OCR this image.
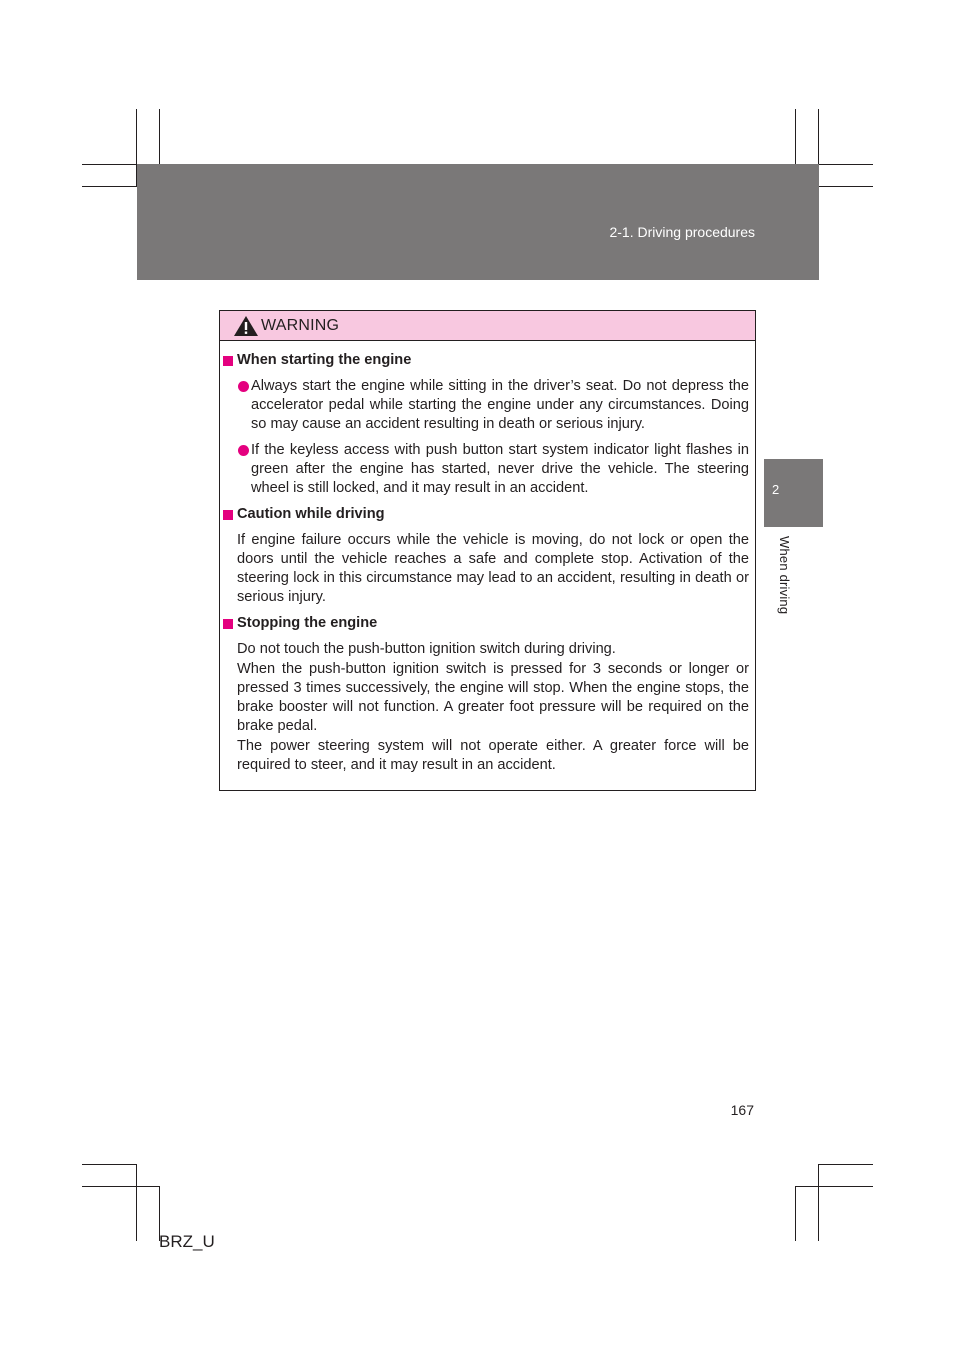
2-1. Driving procedures
2
When driving
WARNING
When starting the engine
Always start the engine while sitting in the driver’s seat. Do not depress the accelerator pedal while starting the engine under any circumstances. Doing so may cause an accident resulting in death or serious injury.
If the keyless access with push button start system indicator light flashes in green after the engine has started, never drive the vehicle. The steering wheel is still locked, and it may result in an accident.
Caution while driving
If engine failure occurs while the vehicle is moving, do not lock or open the doors until the vehicle reaches a safe and complete stop. Activation of the steering lock in this circumstance may lead to an accident, resulting in death or serious injury.
Stopping the engine
Do not touch the push-button ignition switch during driving.
When the push-button ignition switch is pressed for 3 seconds or longer or pressed 3 times successively, the engine will stop. When the engine stops, the brake booster will not function. A greater foot pressure will be required on the brake pedal.
The power steering system will not operate either. A greater force will be required to steer, and it may result in an accident.
167
BRZ_U
